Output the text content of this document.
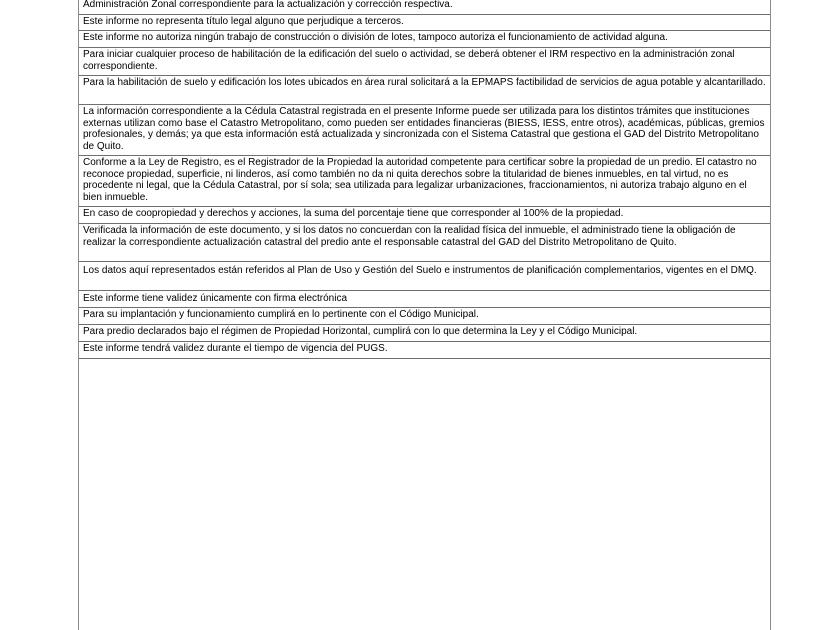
Administración Zonal correspondiente para la actualización y corrección respectiva.

Este informe no representa título legal alguno que perjudique a terceros.

Este informe no autoriza ningún trabajo de construcción o división de lotes, tampoco autoriza el funcionamiento de actividad alguna.

Para iniciar cualquier proceso de habilitación de la edificación del suelo o actividad, se deberá obtener el IRM respectivo en la administración zonal correspondiente.

Para la habilitación de suelo y edificación los lotes ubicados en área rural solicitará a la EPMAPS factibilidad de servicios de agua potable y alcantarillado.

La información correspondiente a la Cédula Catastral registrada en el presente Informe puede ser utilizada para los distintos trámites que instituciones externas utilizan como base el Catastro Metropolitano, como pueden ser entidades financieras (BIESS, IESS, entre otros), académicas, públicas, gremios profesionales, y demás; ya que esta información está actualizada y sincronizada con el Sistema Catastral que gestiona el GAD del Distrito Metropolitano de Quito.

Conforme a la Ley de Registro, es el Registrador de la Propiedad la autoridad competente para certificar sobre la propiedad de un predio. El catastro no reconoce propiedad, superficie, ni linderos, así como también no da ni quita derechos sobre la titularidad de bienes inmuebles, en tal virtud, no es procedente ni legal, que la Cédula Catastral, por sí sola; sea utilizada para legalizar urbanizaciones, fraccionamientos, ni autoriza trabajo alguno en el bien inmueble.

En caso de coopropiedad y derechos y acciones, la suma del porcentaje tiene que corresponder al 100% de la propiedad.

Verificada la información de este documento, y si los datos no concuerdan con la realidad física del inmueble, el administrado tiene la obligación de realizar la correspondiente actualización catastral del predio ante el responsable catastral del GAD del Distrito Metropolitano de Quito.

Los datos aquí representados están referidos al Plan de Uso y Gestión del Suelo e instrumentos de planificación complementarios, vigentes en el DMQ.

Este informe tiene validez únicamente con firma electrónica

Para su implantación y funcionamiento cumplirá en lo pertinente con el Código Municipal.

Para predio declarados bajo el régimen de Propiedad Horizontal, cumplirá con lo que determina la Ley y el Código Municipal.

Este informe tendrá validez durante el tiempo de vigencia del PUGS.
